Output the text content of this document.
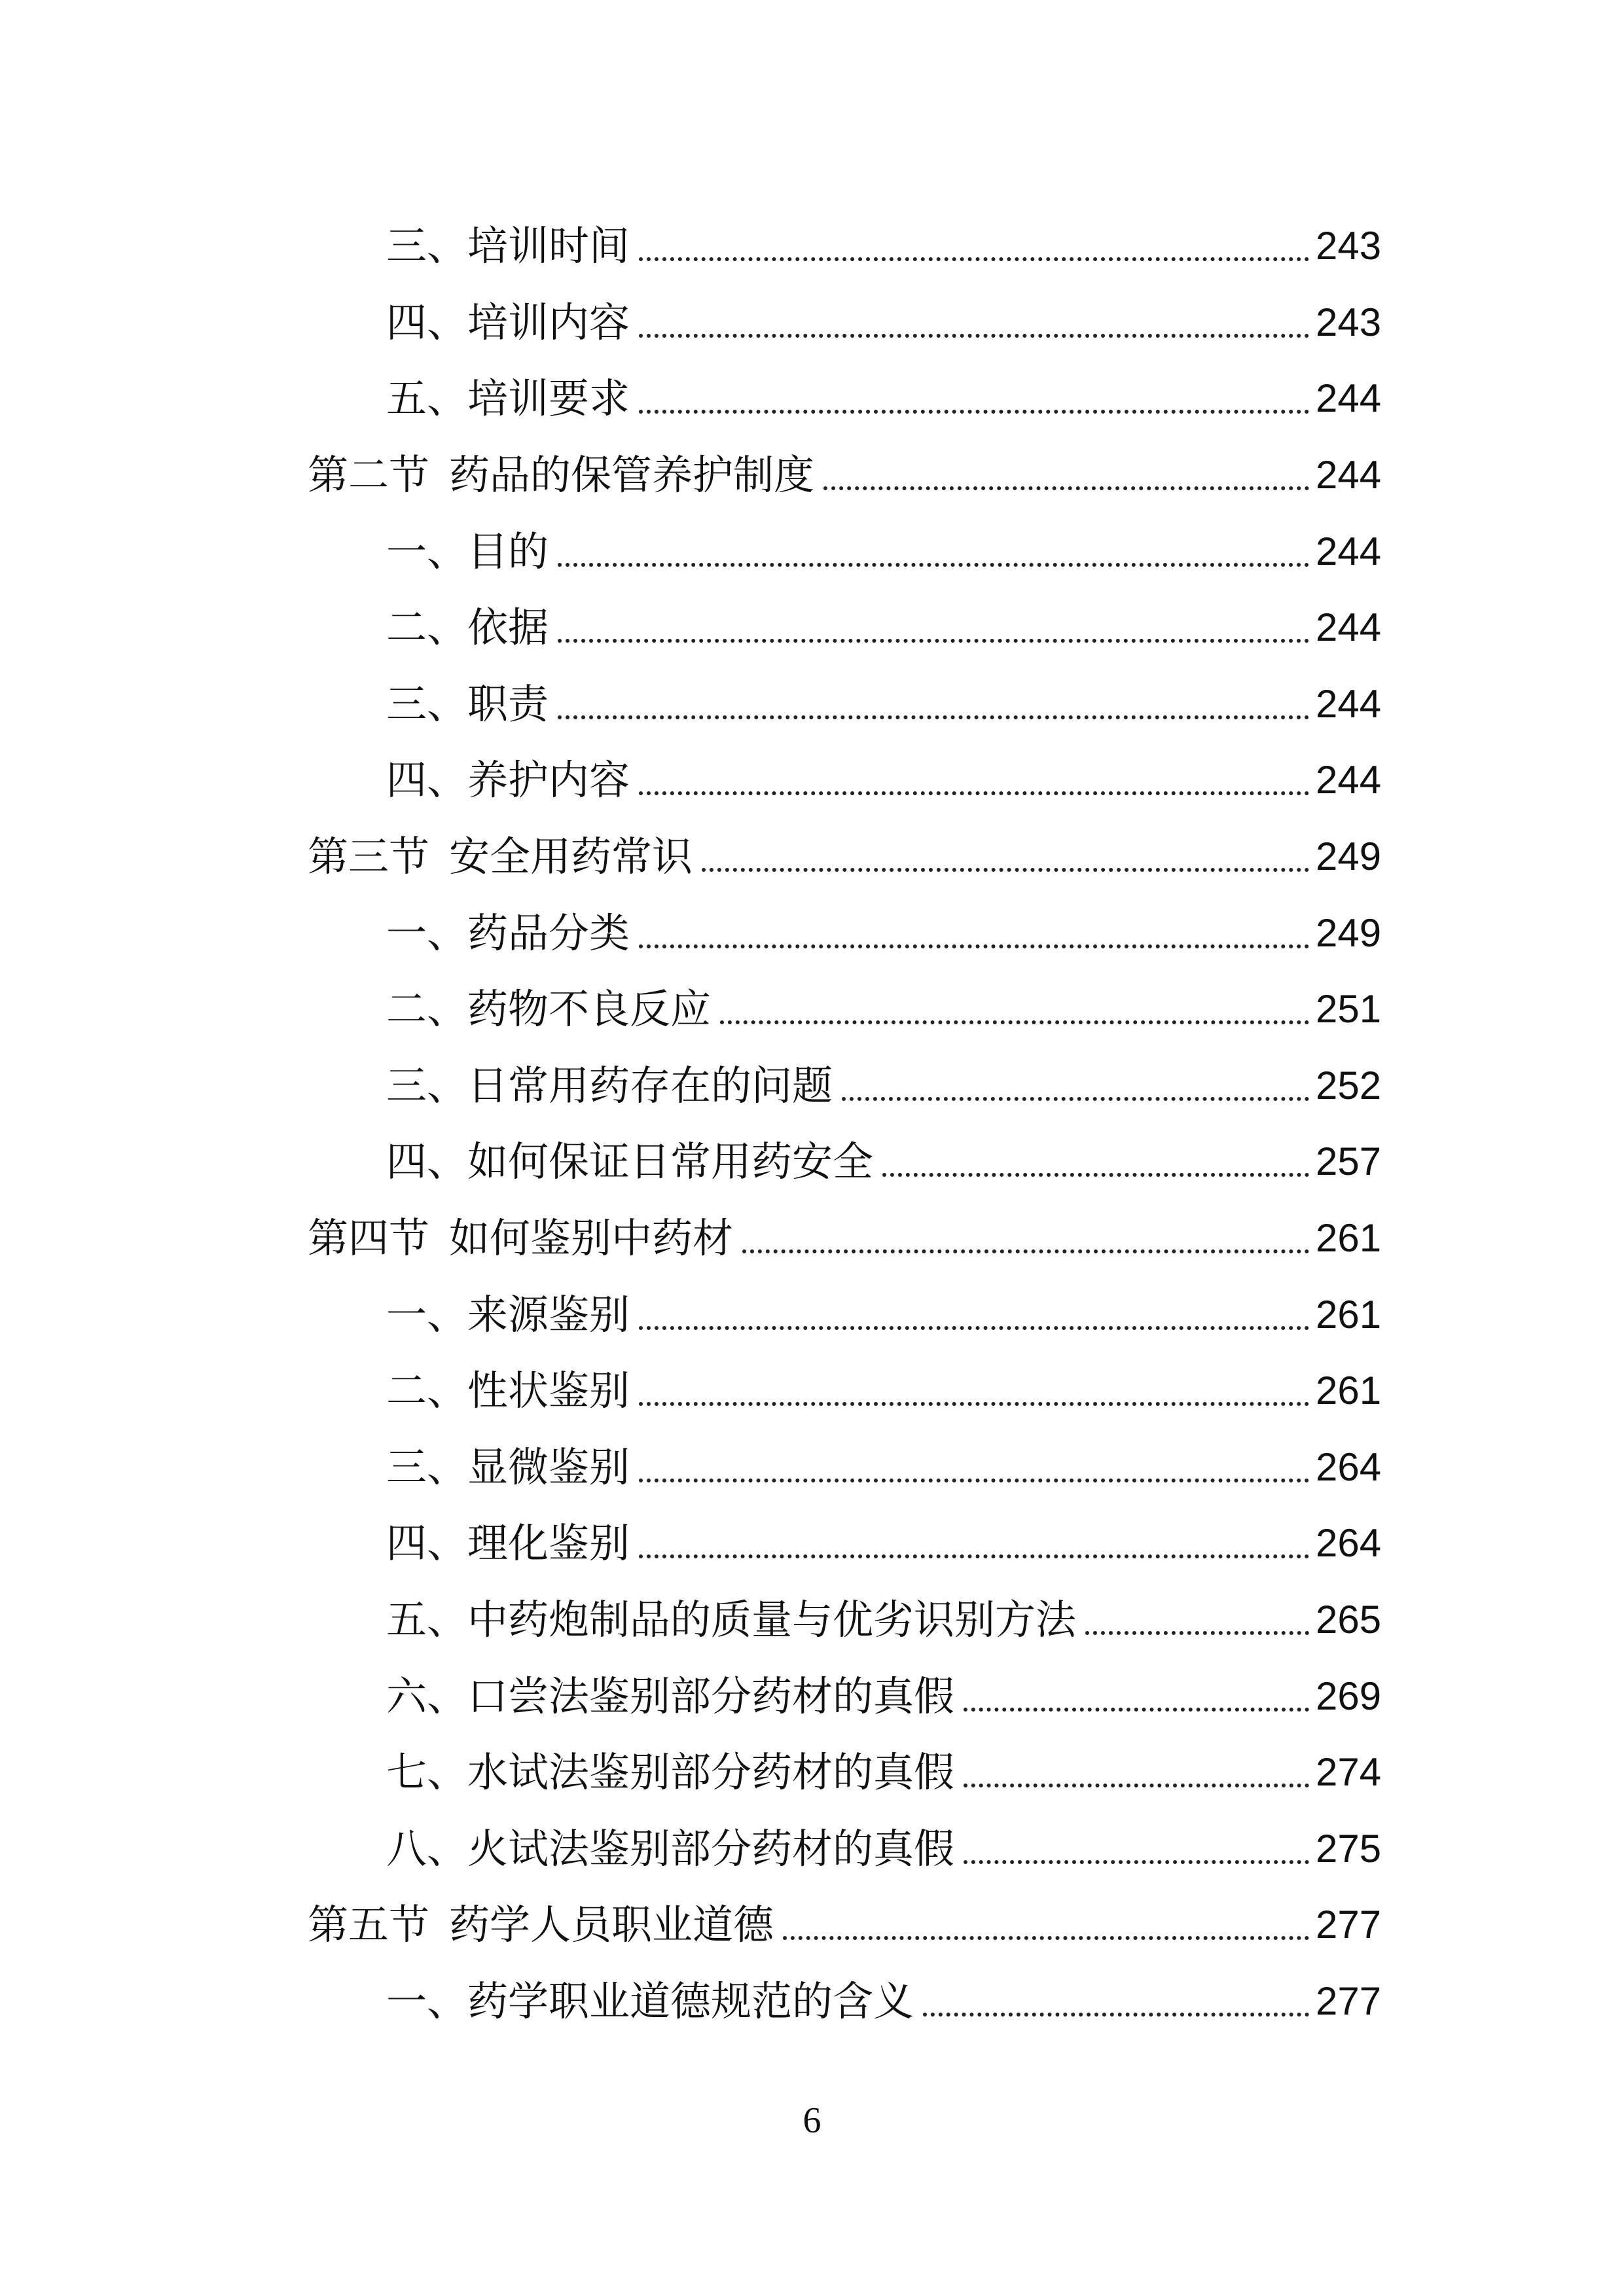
三、 培训时间	243
四、 培训内容	243
五、 培训要求	244
第二节 药品的保管养护制度	244
一、 目的	244
二、 依据	244
三、 职责	244
四、 养护内容	244
第三节 安全用药常识	249
一、 药品分类	249
二、 药物不良反应	251
三、 日常用药存在的问题	252
四、 如何保证日常用药安全	257
第四节 如何鉴别中药材	261
一、 来源鉴别	261
二、 性状鉴别	261
三、 显微鉴别	264
四、 理化鉴别	264
五、 中药炮制品的质量与优劣识别方法	265
六、 口尝法鉴别部分药材的真假	269
七、 水试法鉴别部分药材的真假	274
八、 火试法鉴别部分药材的真假	275
第五节 药学人员职业道德	277
一、 药学职业道德规范的含义	277
6
